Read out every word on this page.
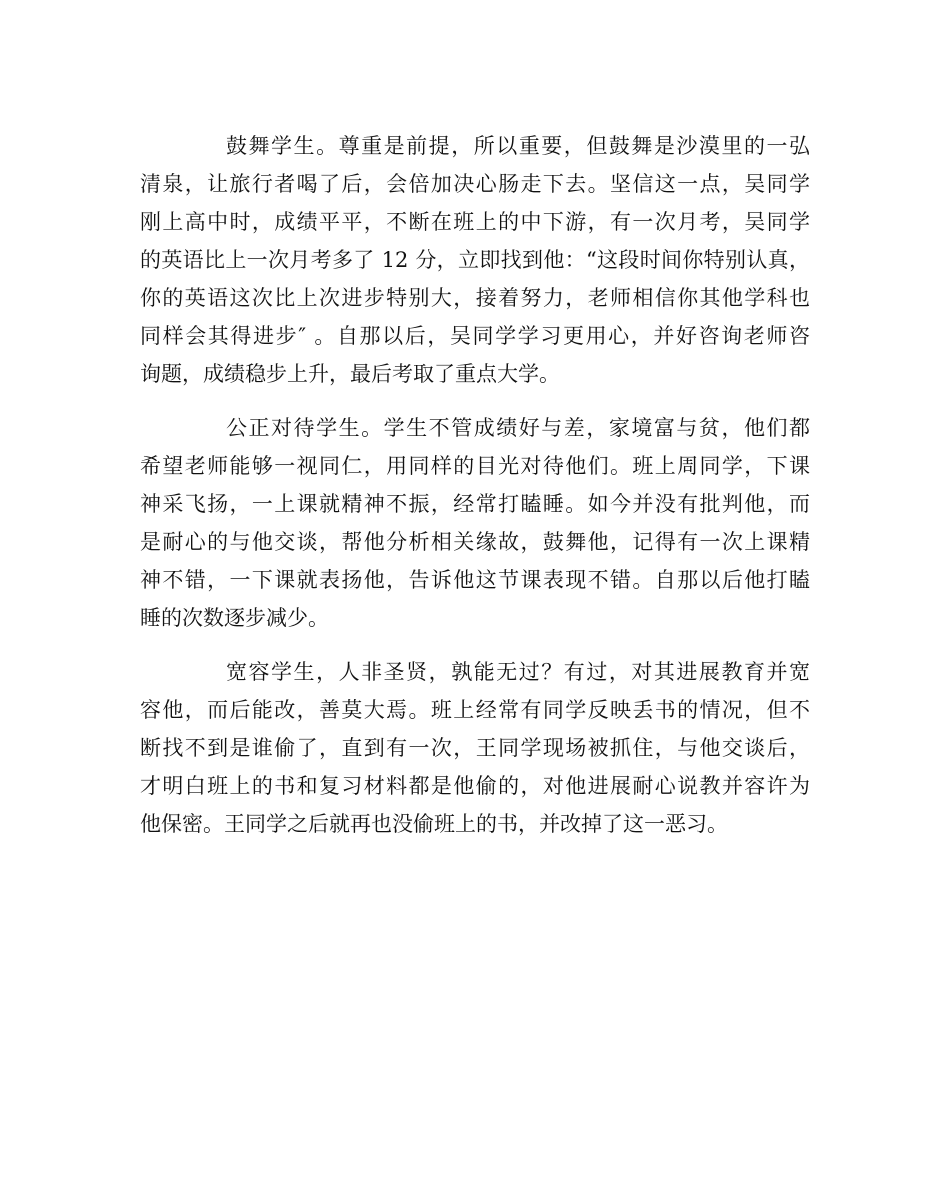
鼓舞学生。尊重是前提，所以重要，但鼓舞是沙漠里的一弘
清泉，让旅行者喝了后，会倍加决心肠走下去。坚信这一点，吴同学
刚上高中时，成绩平平，不断在班上的中下游，有一次月考，吴同学
的英语比上一次月考多了 12 分，立即找到他：“这段时间你特别认真，
你的英语这次比上次进步特别大，接着努力，老师相信你其他学科也
同样会其得进步″ 。自那以后，吴同学学习更用心，并好咨询老师咨
询题，成绩稳步上升，最后考取了重点大学。
公正对待学生。学生不管成绩好与差，家境富与贫，他们都
希望老师能够一视同仁，用同样的目光对待他们。班上周同学，下课
神采飞扬，一上课就精神不振，经常打瞌睡。如今并没有批判他，而
是耐心的与他交谈，帮他分析相关缘故，鼓舞他，记得有一次上课精
神不错，一下课就表扬他，告诉他这节课表现不错。自那以后他打瞌
睡的次数逐步减少。
宽容学生，人非圣贤，孰能无过？有过，对其进展教育并宽
容他，而后能改，善莫大焉。班上经常有同学反映丢书的情况，但不
断找不到是谁偷了，直到有一次，王同学现场被抓住，与他交谈后，
才明白班上的书和复习材料都是他偷的，对他进展耐心说教并容许为
他保密。王同学之后就再也没偷班上的书，并改掉了这一恶习。
